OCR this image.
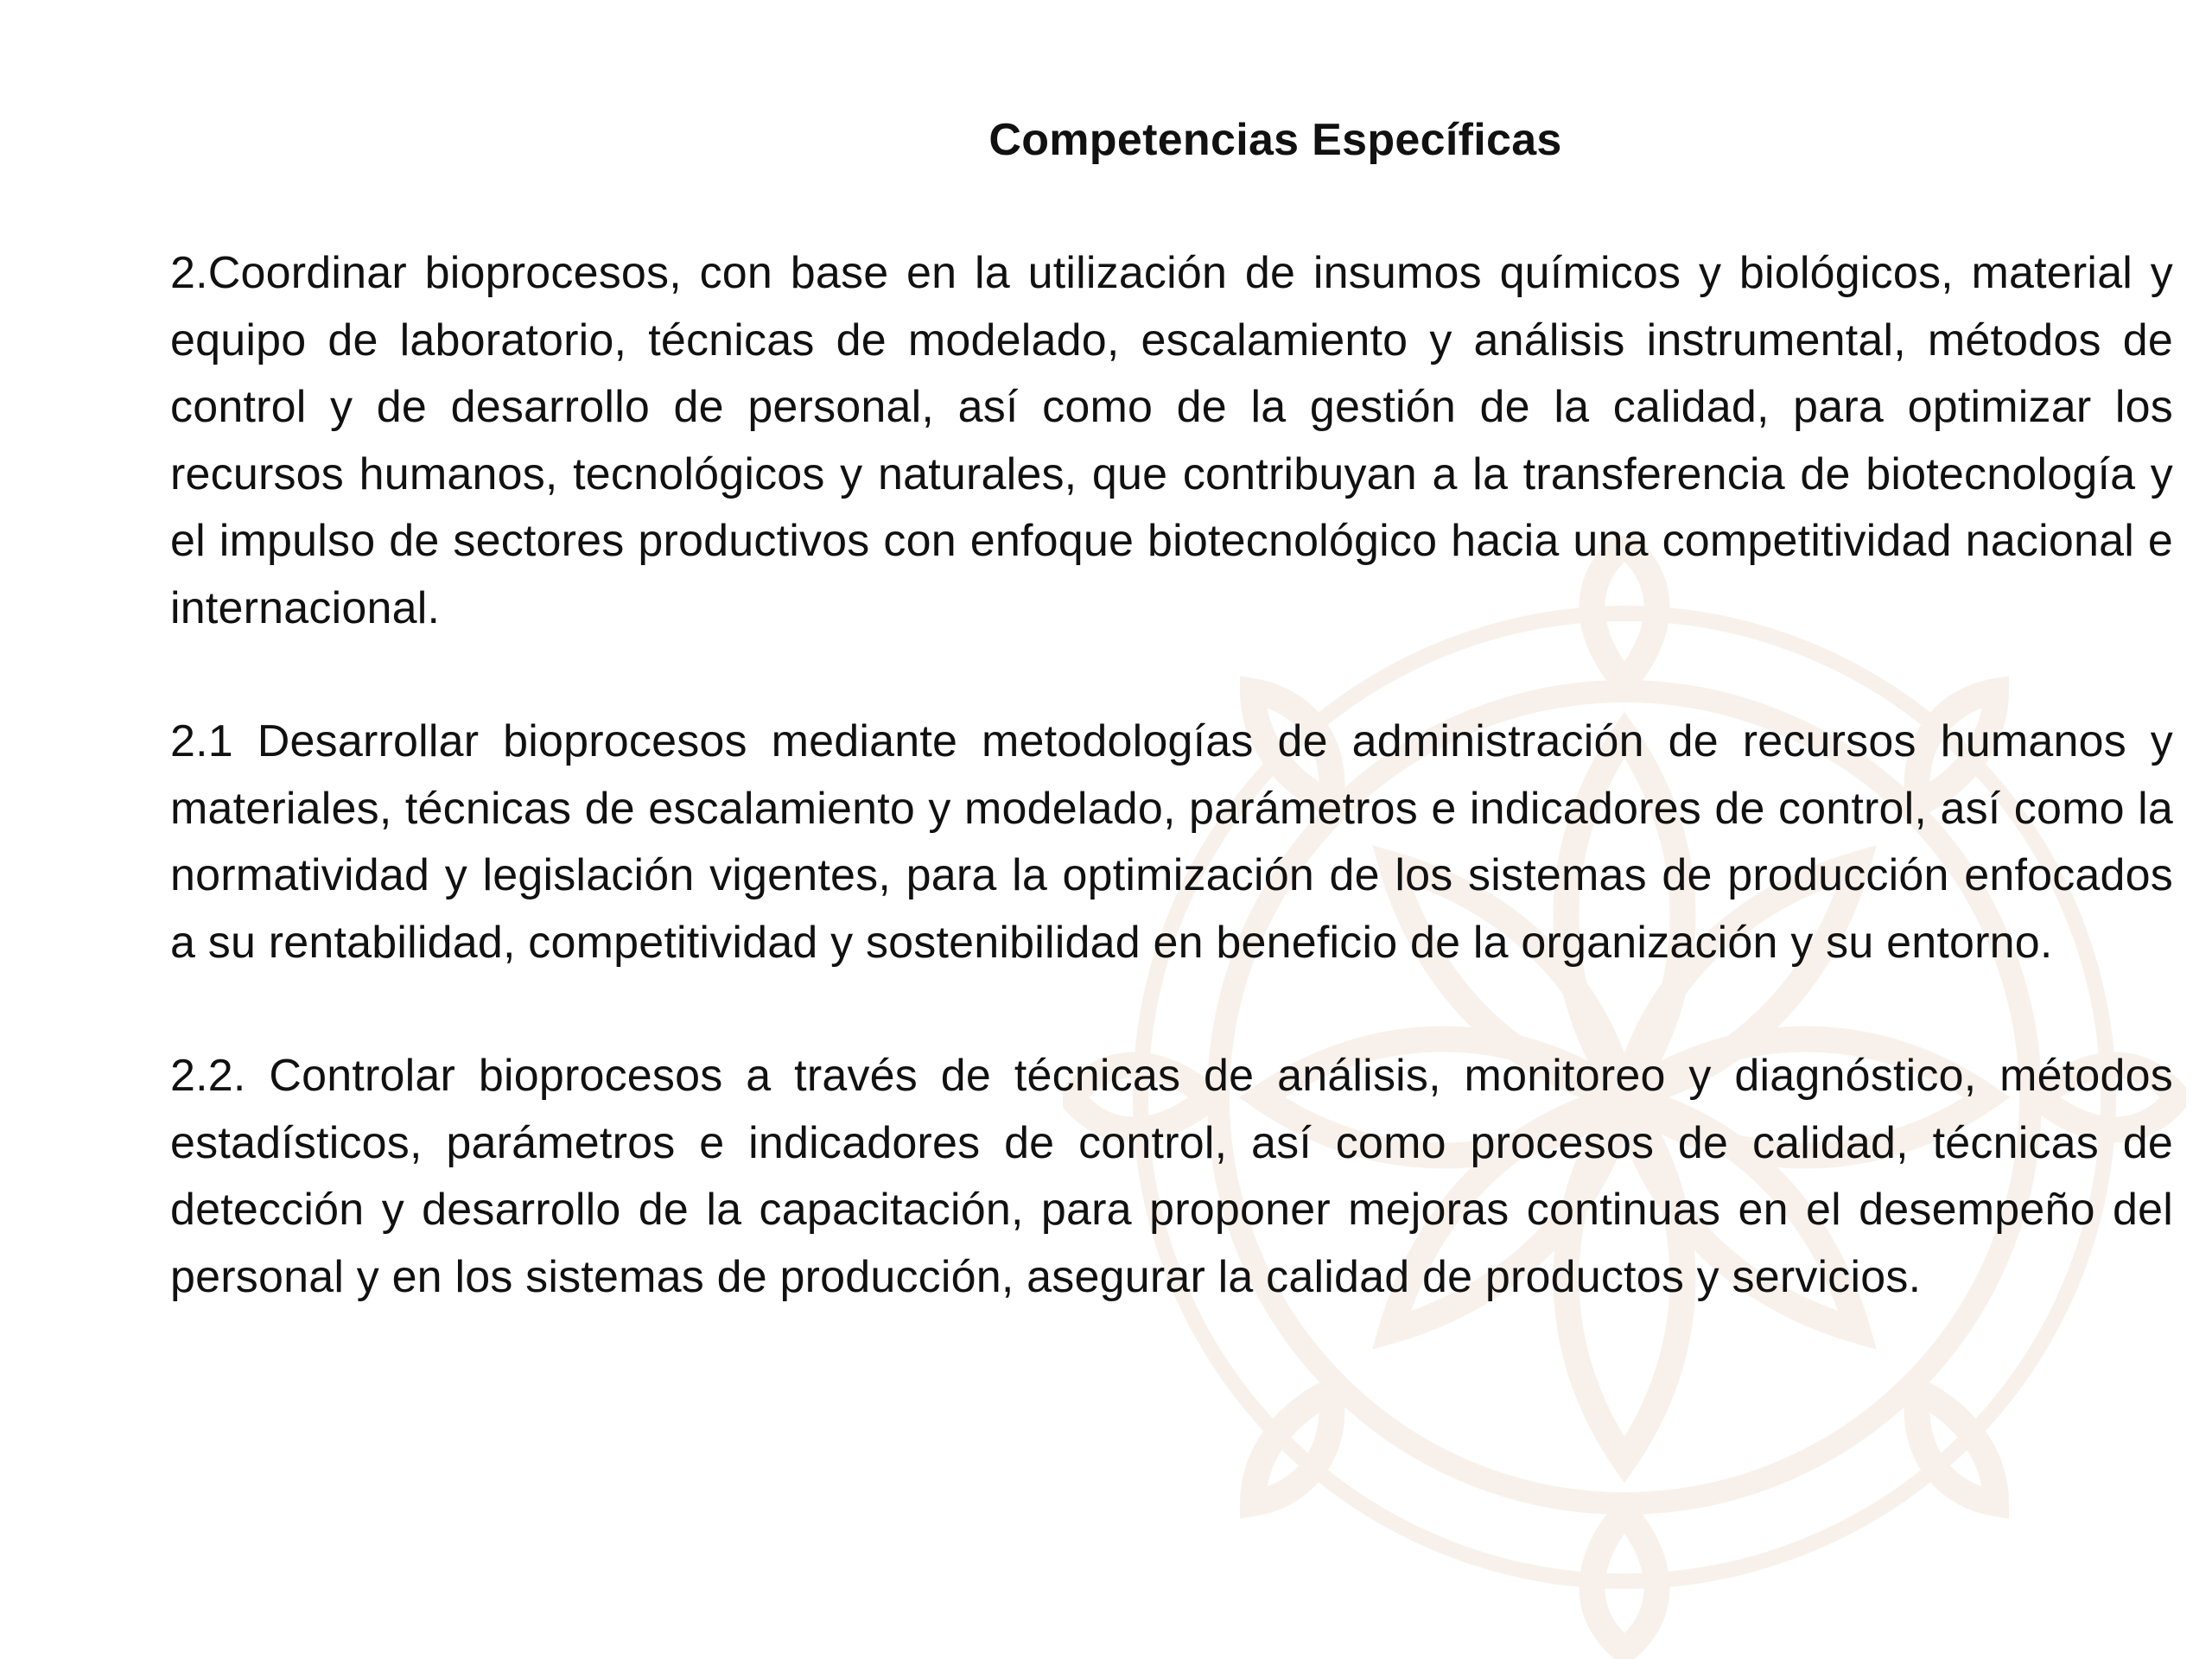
Competencias Específicas

2.Coordinar bioprocesos, con base en la utilización de insumos químicos y biológicos, material y equipo de laboratorio, técnicas de modelado, escalamiento y análisis instrumental, métodos de control y de desarrollo de personal, así como de la gestión de la calidad, para optimizar los recursos humanos, tecnológicos y naturales, que contribuyan a la transferencia de biotecnología y el impulso de sectores productivos con enfoque biotecnológico hacia una competitividad nacional e internacional.

2.1 Desarrollar bioprocesos mediante metodologías de administración de recursos humanos y materiales, técnicas de escalamiento y modelado, parámetros e indicadores de control, así como la normatividad y legislación vigentes, para la optimización de los sistemas de producción enfocados a su rentabilidad, competitividad y sostenibilidad en beneficio de la organización y su entorno.

2.2. Controlar bioprocesos a través de técnicas de análisis, monitoreo y diagnóstico, métodos estadísticos, parámetros e indicadores de control, así como procesos de calidad, técnicas de detección y desarrollo de la capacitación, para proponer mejoras continuas en el desempeño del personal y en los sistemas de producción, asegurar la calidad de productos y servicios.
